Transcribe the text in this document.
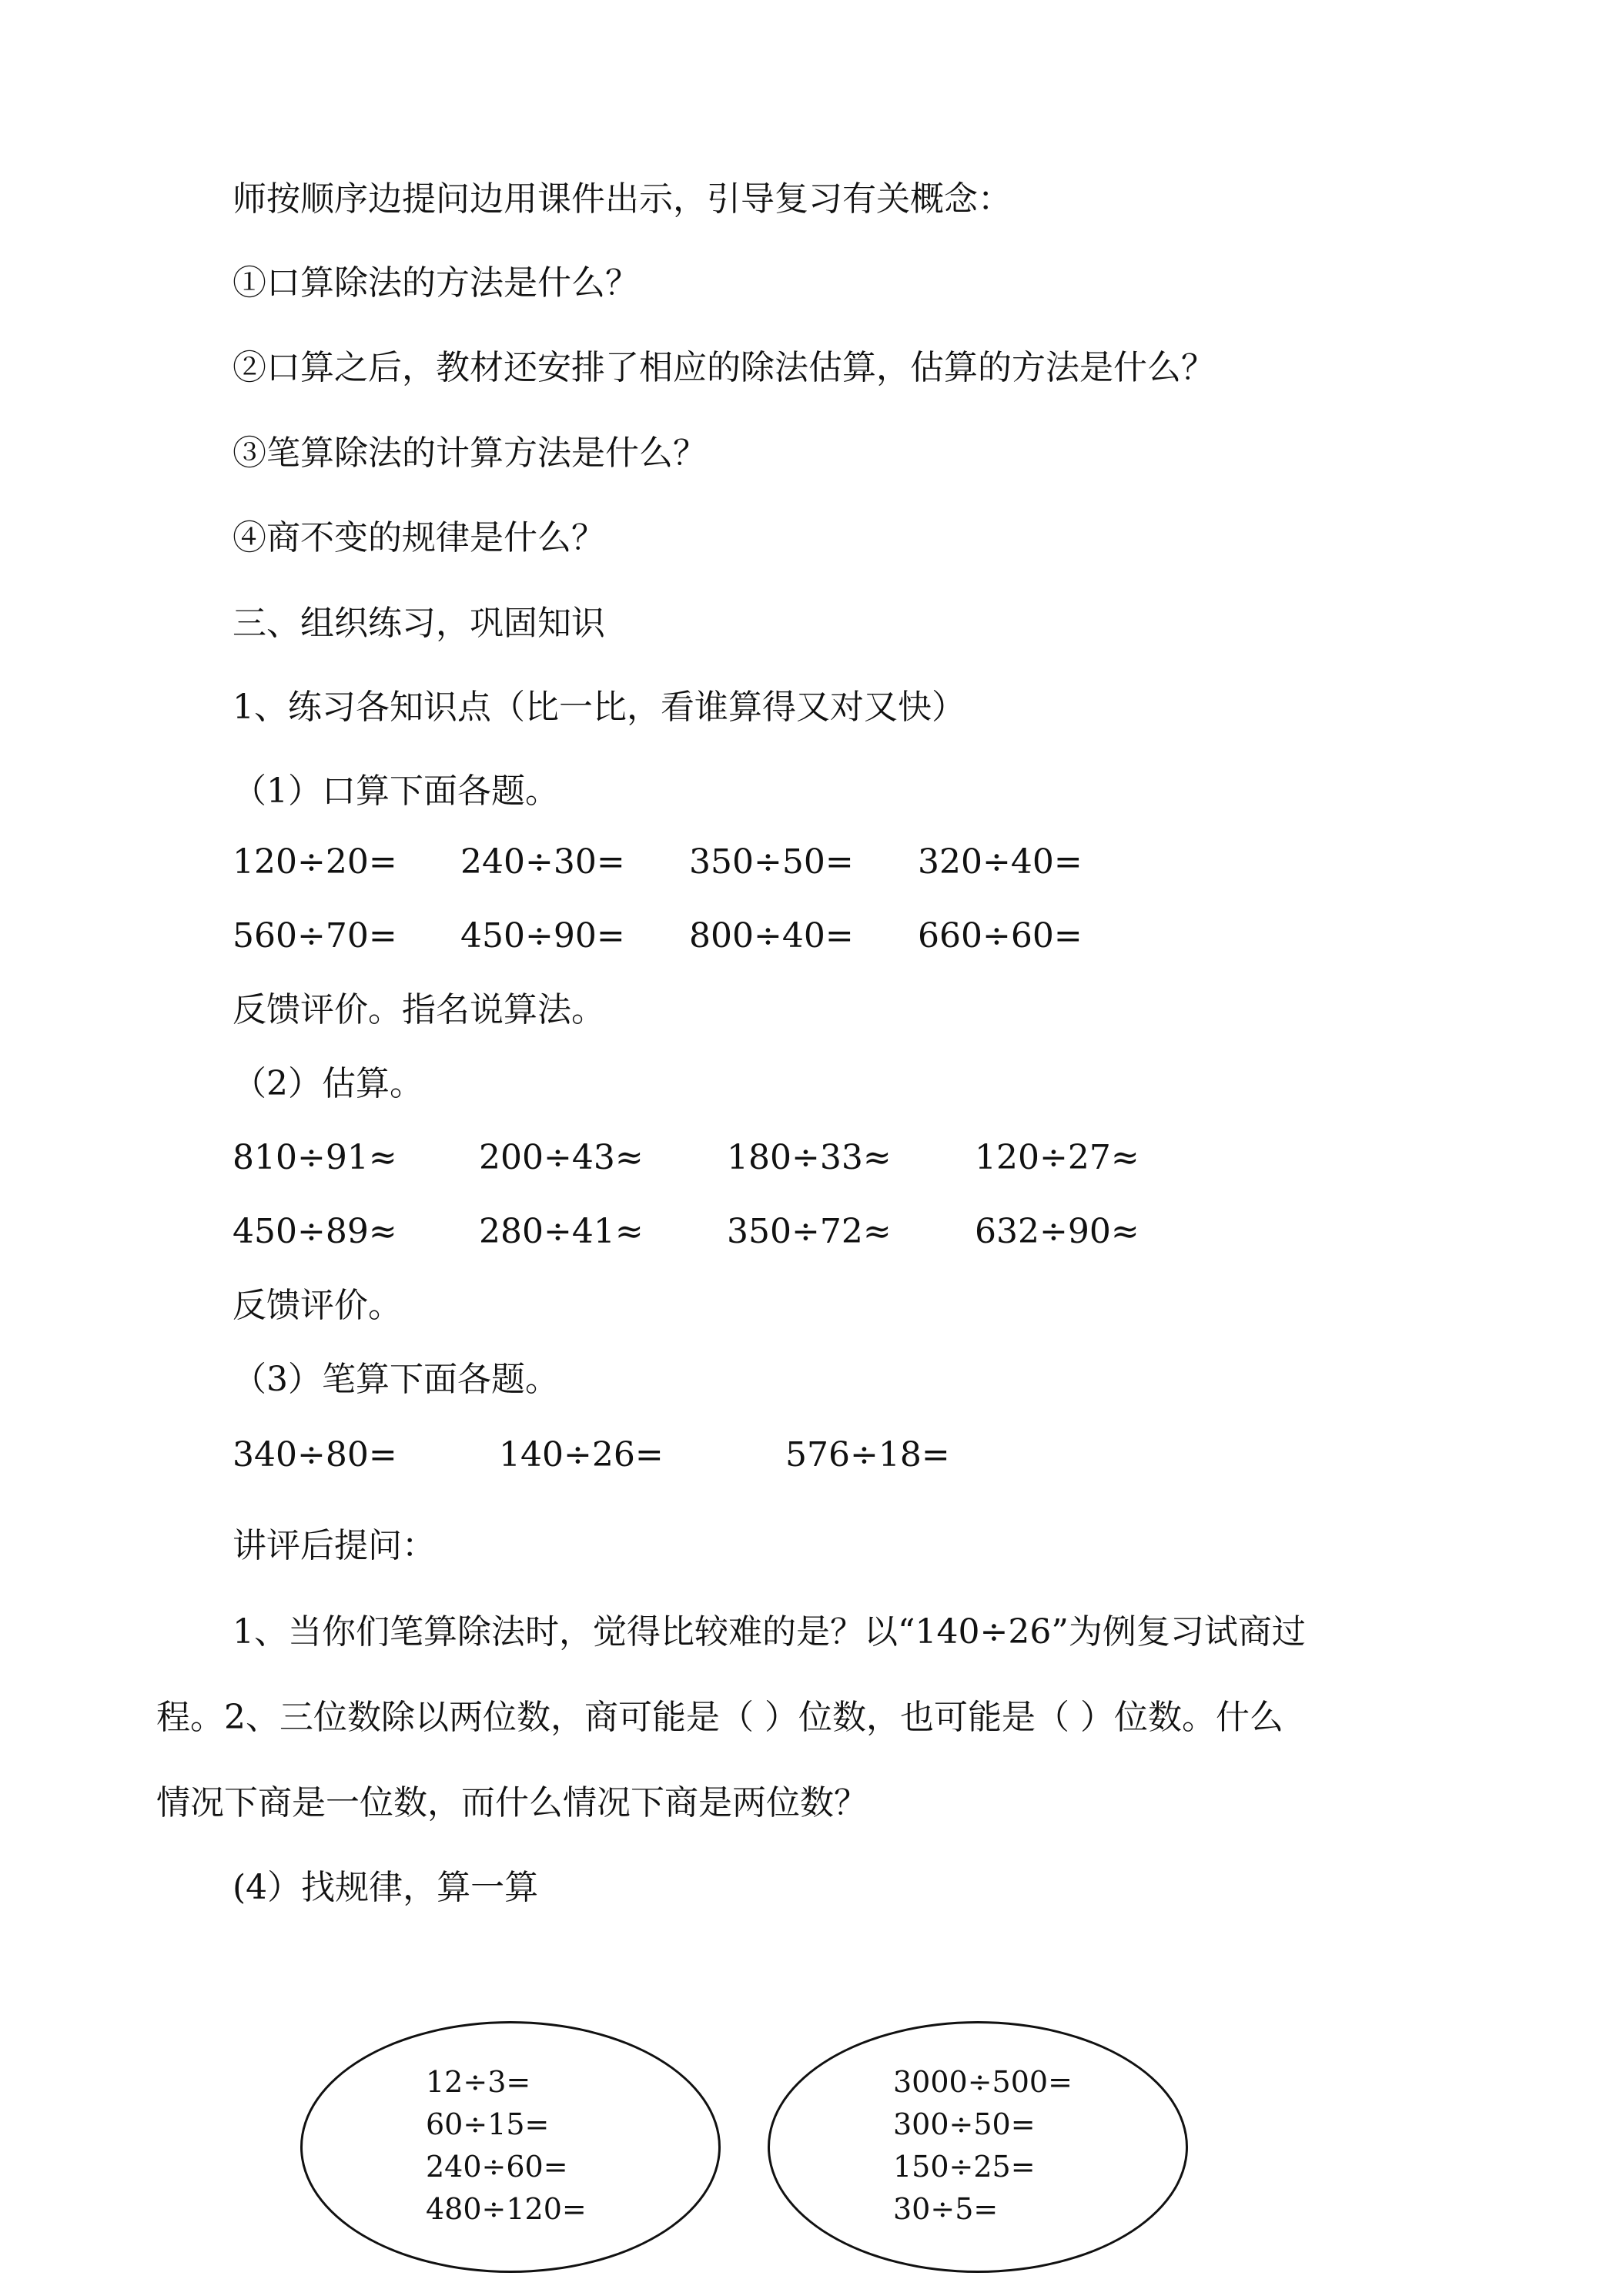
师按顺序边提问边用课件出示，引导复习有关概念：

①口算除法的方法是什么？

②口算之后，教材还安排了相应的除法估算，估算的方法是什么？

③笔算除法的计算方法是什么？

④商不变的规律是什么？

三、组织练习，巩固知识

1、练习各知识点（比一比，看谁算得又对又快）

（1）口算下面各题。

120÷20= 240÷30= 350÷50= 320÷40=
560÷70= 450÷90= 800÷40= 660÷60=

反馈评价。指名说算法。

（2）估算。

810÷91≈ 200÷43≈ 180÷33≈ 120÷27≈
450÷89≈ 280÷41≈ 350÷72≈ 632÷90≈

反馈评价。

（3）笔算下面各题。

340÷80=	140÷26=	576÷18=

讲评后提问：

1、当你们笔算除法时，觉得比较难的是？以“140÷26”为例复习试商过

程。2、三位数除以两位数，商可能是（ ）位数，也可能是（ ）位数。什么

情况下商是一位数，而什么情况下商是两位数？

(4）找规律，算一算

12÷3=
60÷15=
240÷60=
480÷120=
3000÷500=
300÷50=
150÷25=
30÷5=
